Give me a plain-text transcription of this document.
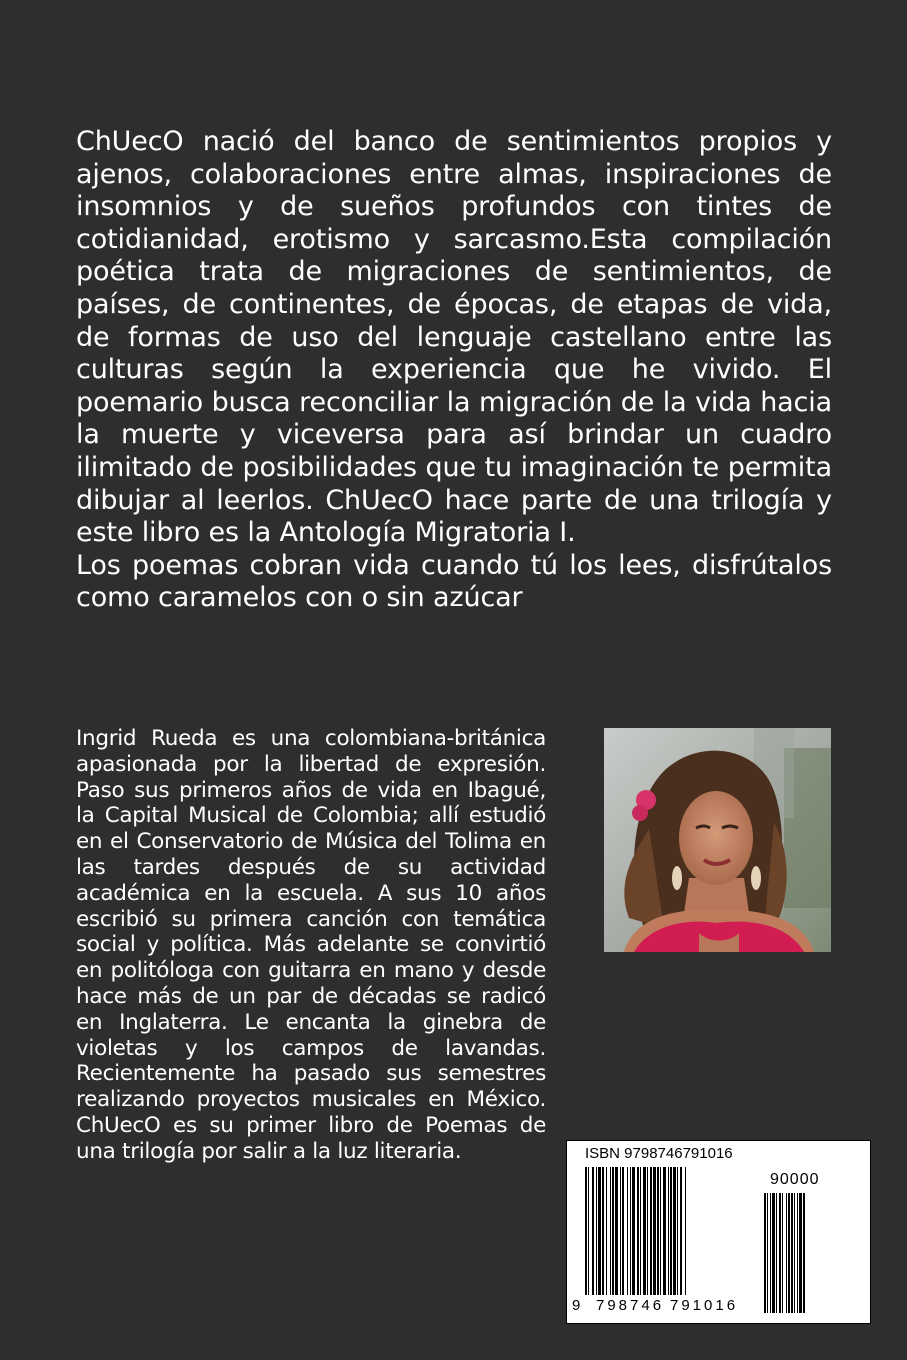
ChUecO nació del banco de sentimientos propios y ajenos, colaboraciones entre almas, inspiraciones de insomnios y de sueños profundos con tintes de cotidianidad, erotismo y sarcasmo.Esta compilación poética trata de migraciones de sentimientos, de países, de continentes, de épocas, de etapas de vida, de formas de uso del lenguaje castellano entre las culturas según la experiencia que he vivido. El poemario busca reconciliar la migración de la vida hacia la muerte y viceversa para así brindar un cuadro ilimitado de posibilidades que tu imaginación te permita dibujar al leerlos. ChUecO hace parte de una trilogía y este libro es la Antología Migratoria I.

Los poemas cobran vida cuando tú los lees, disfrútalos como caramelos con o sin azúcar

Ingrid Rueda es una colombiana-británica apasionada por la libertad de expresión. Paso sus primeros años de vida en Ibagué, la Capital Musical de Colombia; allí estudió en el Conservatorio de Música del Tolima en las tardes después de su actividad académica en la escuela. A sus 10 años escribió su primera canción con temática social y política. Más adelante se convirtió en politóloga con guitarra en mano y desde hace más de un par de décadas se radicó en Inglaterra. Le encanta la ginebra de violetas y los campos de lavandas. Recientemente ha pasado sus semestres realizando proyectos musicales en México. ChUecO es su primer libro de Poemas de una trilogía por salir a la luz literaria.	ISBN 9798746791016
90000
9 798746 791016
